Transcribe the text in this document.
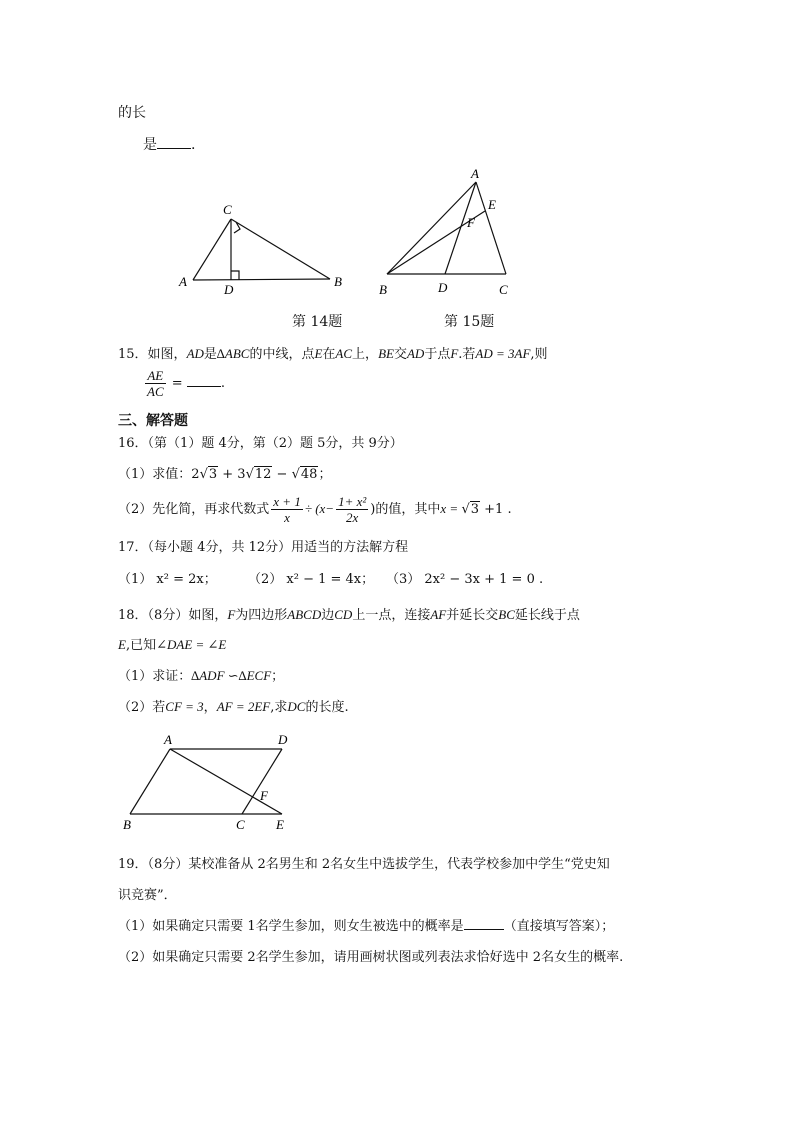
的长
是 .
C
A
D
B
A
E
F
B	D	C
第 14题	第 15题
15．如图，AD是∆ABC的中线，点E在AC上，BE交AD于点F.若AD = 3AF,则
$\frac{AE}{AC}$ =	.
三、解答题
16．（第（1）题 4分，第（2）题 5分，共 9分）
（1）求值：2√3 + 3√12 − √48；
（2）先化简，再求代数式 $\frac{x + 1}{x} \div (x- \frac{\text{1+ x²}}{2x}$ )的值，其中x = √3 +1 .
17．（每小题 4分，共 12分）用适当的方法解方程
（1） x² = 2x； （2） x² − 1 = 4x； （3） 2x² − 3x + 1 = 0 .
18．（8分）如图，F为四边形ABCD边CD上一点，连接AF并延长交BC延长线于点
E,已知∠DAE = ∠E
（1）求证：∆ADF ∽∆ECF；
（2）若CF = 3，AF = 2EF,求DC的长度.
A	D
F
B	C E
19．（8分）某校准备从 2名男生和 2名女生中选拔学生，代表学校参加中学生“党史知
识竞赛”．
（1）如果确定只需要 1名学生参加，则女生被选中的概率是	（直接填写答案）；
（2）如果确定只需要 2名学生参加，请用画树状图或列表法求恰好选中 2名女生的概率.
